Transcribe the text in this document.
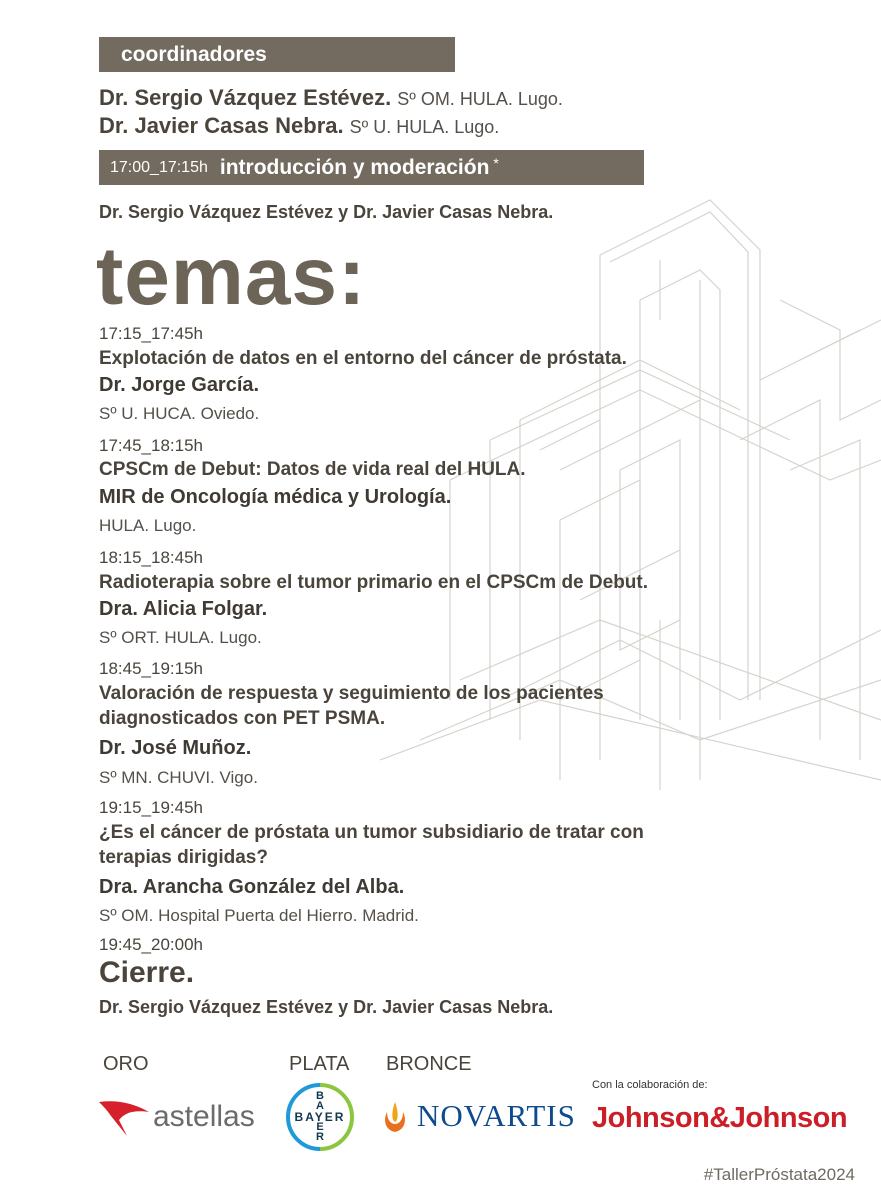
coordinadores
Dr. Sergio Vázquez Estévez. Sº OM. HULA. Lugo.
Dr. Javier Casas Nebra. Sº U. HULA. Lugo.
17:00_17:15h introducción y moderación *
Dr. Sergio Vázquez Estévez y Dr. Javier Casas Nebra.
temas:
17:15_17:45h
Explotación de datos en el entorno del cáncer de próstata.
Dr. Jorge García.
Sº U. HUCA. Oviedo.
17:45_18:15h
CPSCm de Debut: Datos de vida real del HULA.
MIR de Oncología médica y Urología.
HULA. Lugo.
18:15_18:45h
Radioterapia sobre el tumor primario en el CPSCm de Debut.
Dra. Alicia Folgar.
Sº ORT. HULA. Lugo.
18:45_19:15h
Valoración de respuesta y seguimiento de los pacientes
diagnosticados con PET PSMA.
Dr. José Muñoz.
Sº MN. CHUVI. Vigo.
19:15_19:45h
¿Es el cáncer de próstata un tumor subsidiario de tratar con
terapias dirigidas?
Dra. Arancha González del Alba.
Sº OM. Hospital Puerta del Hierro. Madrid.
19:45_20:00h
Cierre.
Dr. Sergio Vázquez Estévez y Dr. Javier Casas Nebra.
ORO	PLATA BRONCE
Con la colaboración de:
astellas
B
A
E
R
BAYER	NOVARTIS Johnson&Johnson
#TallerPróstata2024
